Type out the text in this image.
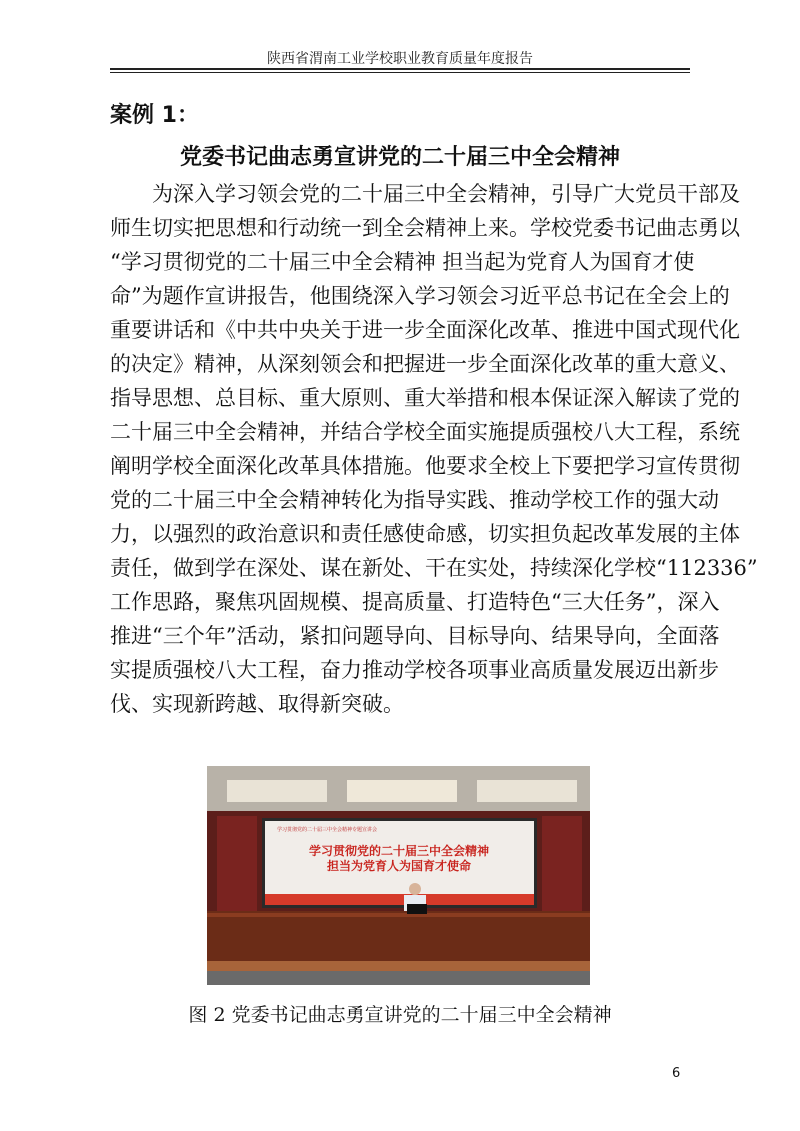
陕西省渭南工业学校职业教育质量年度报告
案例 1：
党委书记曲志勇宣讲党的二十届三中全会精神
为深入学习领会党的二十届三中全会精神，引导广大党员干部及
师生切实把思想和行动统一到全会精神上来。学校党委书记曲志勇以
“学习贯彻党的二十届三中全会精神 担当起为党育人为国育才使
命”为题作宣讲报告，他围绕深入学习领会习近平总书记在全会上的
重要讲话和《中共中央关于进一步全面深化改革、推进中国式现代化
的决定》精神，从深刻领会和把握进一步全面深化改革的重大意义、
指导思想、总目标、重大原则、重大举措和根本保证深入解读了党的
二十届三中全会精神，并结合学校全面实施提质强校八大工程，系统
阐明学校全面深化改革具体措施。他要求全校上下要把学习宣传贯彻
党的二十届三中全会精神转化为指导实践、推动学校工作的强大动
力，以强烈的政治意识和责任感使命感，切实担负起改革发展的主体
责任，做到学在深处、谋在新处、干在实处，持续深化学校“112336”
工作思路，聚焦巩固规模、提高质量、打造特色“三大任务”，深入
推进“三个年”活动，紧扣问题导向、目标导向、结果导向，全面落
实提质强校八大工程，奋力推动学校各项事业高质量发展迈出新步
伐、实现新跨越、取得新突破。
学习贯彻党的二十届三中全会精神专题宣讲会
学习贯彻党的二十届三中全会精神
担当为党育人为国育才使命
图 2 党委书记曲志勇宣讲党的二十届三中全会精神
6
